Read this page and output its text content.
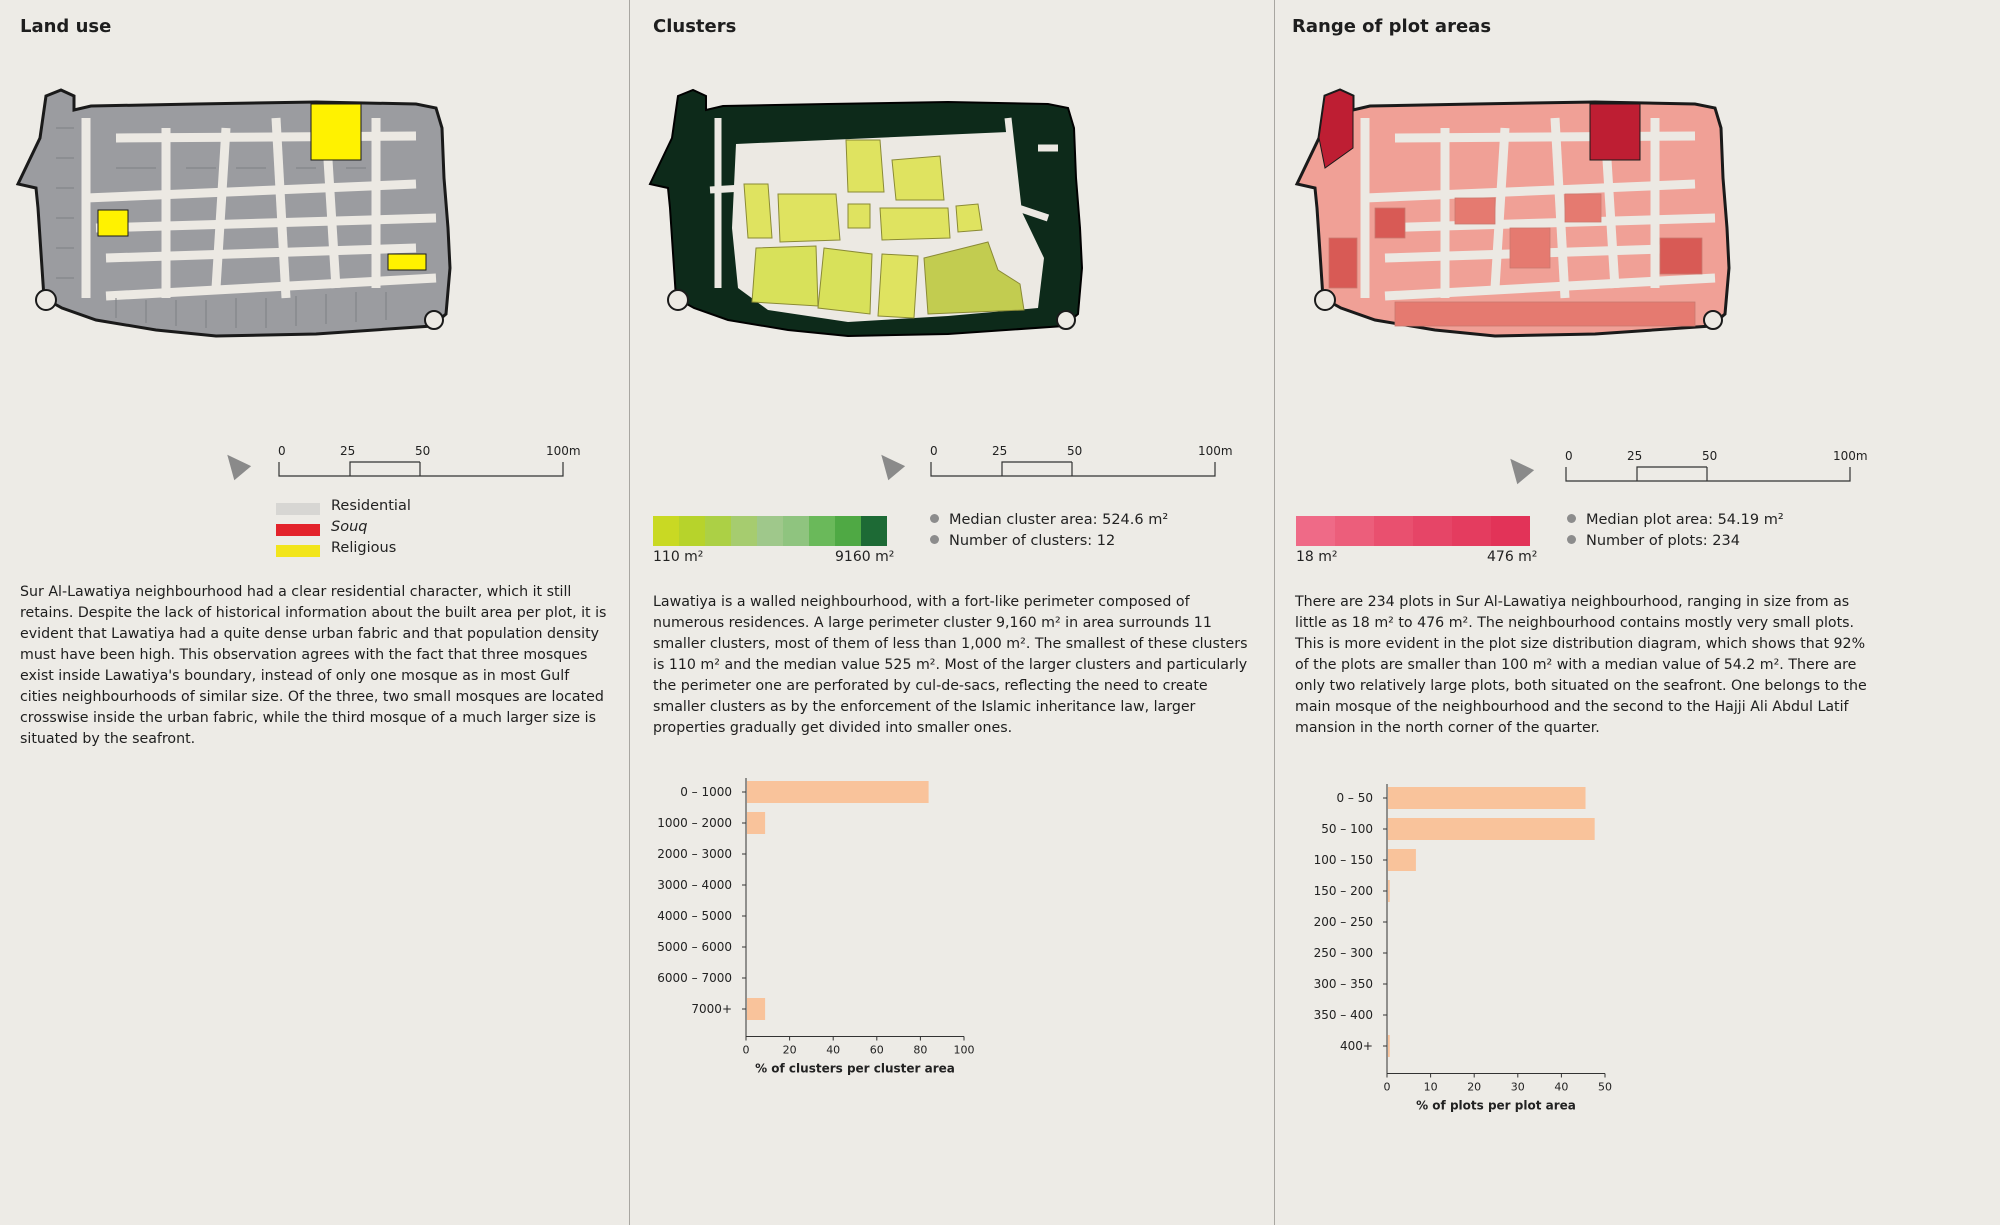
Land use
0	25	50	100m
Residential
Souq
Religious

Sur Al-Lawatiya neighbourhood had a clear residential character, which it still retains. Despite the lack of historical information about the built area per plot, it is evident that Lawatiya had a quite dense urban fabric and that population density must have been high. This observation agrees with the fact that three mosques exist inside Lawatiya's boundary, instead of only one mosque as in most Gulf cities neighbourhoods of similar size. Of the three, two small mosques are located crosswise inside the urban fabric, while the third mosque of a much larger size is situated by the seafront.

Clusters
0	25	50	100m
110 m²	9160 m²
Median cluster area: 524.6 m²
Number of clusters: 12

Lawatiya is a walled neighbourhood, with a fort-like perimeter composed of numerous residences. A large perimeter cluster 9,160 m² in area surrounds 11 smaller clusters, most of them of less than 1,000 m². The smallest of these clusters is 110 m² and the median value 525 m². Most of the larger clusters and particularly the perimeter one are perforated by cul-de-sacs, reflecting the need to create smaller clusters as by the enforcement of the Islamic inheritance law, larger properties gradually get divided into smaller ones.

0 – 1000
1000 – 2000
2000 – 3000
3000 – 4000
4000 – 5000
5000 – 6000
6000 – 7000
7000+
0	20	40	60	80 100
% of clusters per cluster area
Range of plot areas
0	25	50	100m
18 m²	476 m²
Median plot area: 54.19 m²
Number of plots: 234

There are 234 plots in Sur Al-Lawatiya neighbourhood, ranging in size from as little as 18 m² to 476 m². The neighbourhood contains mostly very small plots. This is more evident in the plot size distribution diagram, which shows that 92% of the plots are smaller than 100 m² with a median value of 54.2 m². There are only two relatively large plots, both situated on the seafront. One belongs to the main mosque of the neighbourhood and the second to the Hajji Ali Abdul Latif mansion in the north corner of the quarter.

0 – 50
50 – 100
100 – 150
150 – 200
200 – 250
250 – 300
300 – 350
350 – 400
400+
0	10	20	30	40	50
% of plots per plot area
